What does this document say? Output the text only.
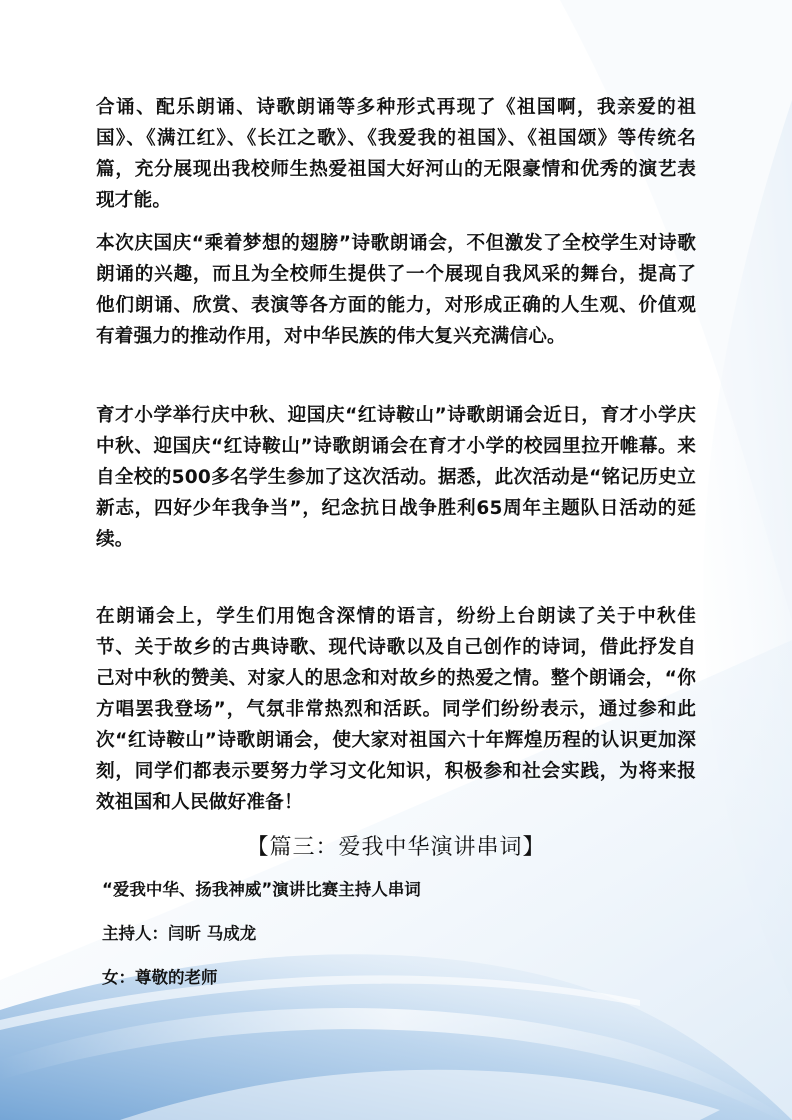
合诵、配乐朗诵、诗歌朗诵等多种形式再现了《祖国啊，我亲爱的祖国》、《满江红》、《长江之歌》、《我爱我的祖国》、《祖国颂》等传统名篇，充分展现出我校师生热爱祖国大好河山的无限豪情和优秀的演艺表现才能。

本次庆国庆“乘着梦想的翅膀”诗歌朗诵会，不但激发了全校学生对诗歌朗诵的兴趣，而且为全校师生提供了一个展现自我风采的舞台，提高了他们朗诵、欣赏、表演等各方面的能力，对形成正确的人生观、价值观有着强力的推动作用，对中华民族的伟大复兴充满信心。

育才小学举行庆中秋、迎国庆“红诗鞍山”诗歌朗诵会近日，育才小学庆中秋、迎国庆“红诗鞍山”诗歌朗诵会在育才小学的校园里拉开帷幕。来自全校的500多名学生参加了这次活动。据悉，此次活动是“铭记历史立新志，四好少年我争当”，纪念抗日战争胜利65周年主题队日活动的延续。

在朗诵会上，学生们用饱含深情的语言，纷纷上台朗读了关于中秋佳节、关于故乡的古典诗歌、现代诗歌以及自己创作的诗词，借此抒发自己对中秋的赞美、对家人的思念和对故乡的热爱之情。整个朗诵会，“你方唱罢我登场”，气氛非常热烈和活跃。同学们纷纷表示，通过参和此次“红诗鞍山”诗歌朗诵会，使大家对祖国六十年辉煌历程的认识更加深刻，同学们都表示要努力学习文化知识，积极参和社会实践，为将来报效祖国和人民做好准备！

【篇三：爱我中华演讲串词】

“爱我中华、扬我神威”演讲比赛主持人串词

主持人：闫昕 马成龙

女：尊敬的老师
